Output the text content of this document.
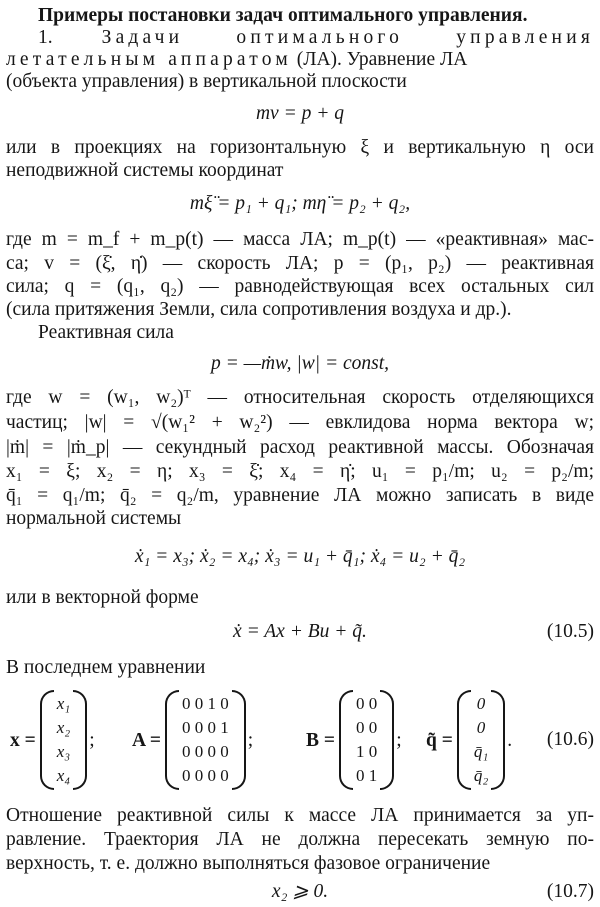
Примеры постановки задач оптимального управления.
1.	Задачи оптимального управления
летательным аппаратом (ЛА). Уравнение ЛА
(объекта управления) в вертикальной плоскости
mv = p + q
или в проекциях на горизонтальную ξ и вертикальную η оси
неподвижной системы координат
mξ̈ = p₁ + q₁; mη̈ = p₂ + q₂,
где m = m_f + m_p(t) — масса ЛА; m_p(t) — «реактивная» мас-
са; v = (ξ̇, η̇) — скорость ЛА; p = (p₁, p₂) — реактивная
сила; q = (q₁, q₂) — равнодействующая всех остальных сил
(сила притяжения Земли, сила сопротивления воздуха и др.).
Реактивная сила
p = —ṁw, |w| = const,
где w = (w₁, w₂)ᵀ — относительная скорость отделяющихся
частиц; |w| = √(w₁² + w₂²) — евклидова норма вектора w;
|ṁ| = |ṁ_p| — секундный расход реактивной массы. Обозначая
x₁ = ξ; x₂ = η; x₃ = ξ̇; x₄ = η̇; u₁ = p₁/m; u₂ = p₂/m;
q̄₁ = q₁/m; q̄₂ = q₂/m, уравнение ЛА можно записать в виде
нормальной системы
ẋ₁ = x₃; ẋ₂ = x₄; ẋ₃ = u₁ + q̄₁; ẋ₄ = u₂ + q̄₂
или в векторной форме
ẋ = Ax + Bu + q̃.	(10.5)
В последнем уравнении
x =
x₁
x₂
x₃
x₄
; A =
0 0 1 0
0 0 0 1
0 0 0 0
0 0 0 0
;	B =
0 0
0 0
1 0
0 1
; q̃ =
0
0
q̄₁
q̄₂
. (10.6)
Отношение реактивной силы к массе ЛА принимается за уп-
равление. Траектория ЛА не должна пересекать земную по-
верхность, т. е. должно выполняться фазовое ограничение
x₂ ⩾ 0.	(10.7)
